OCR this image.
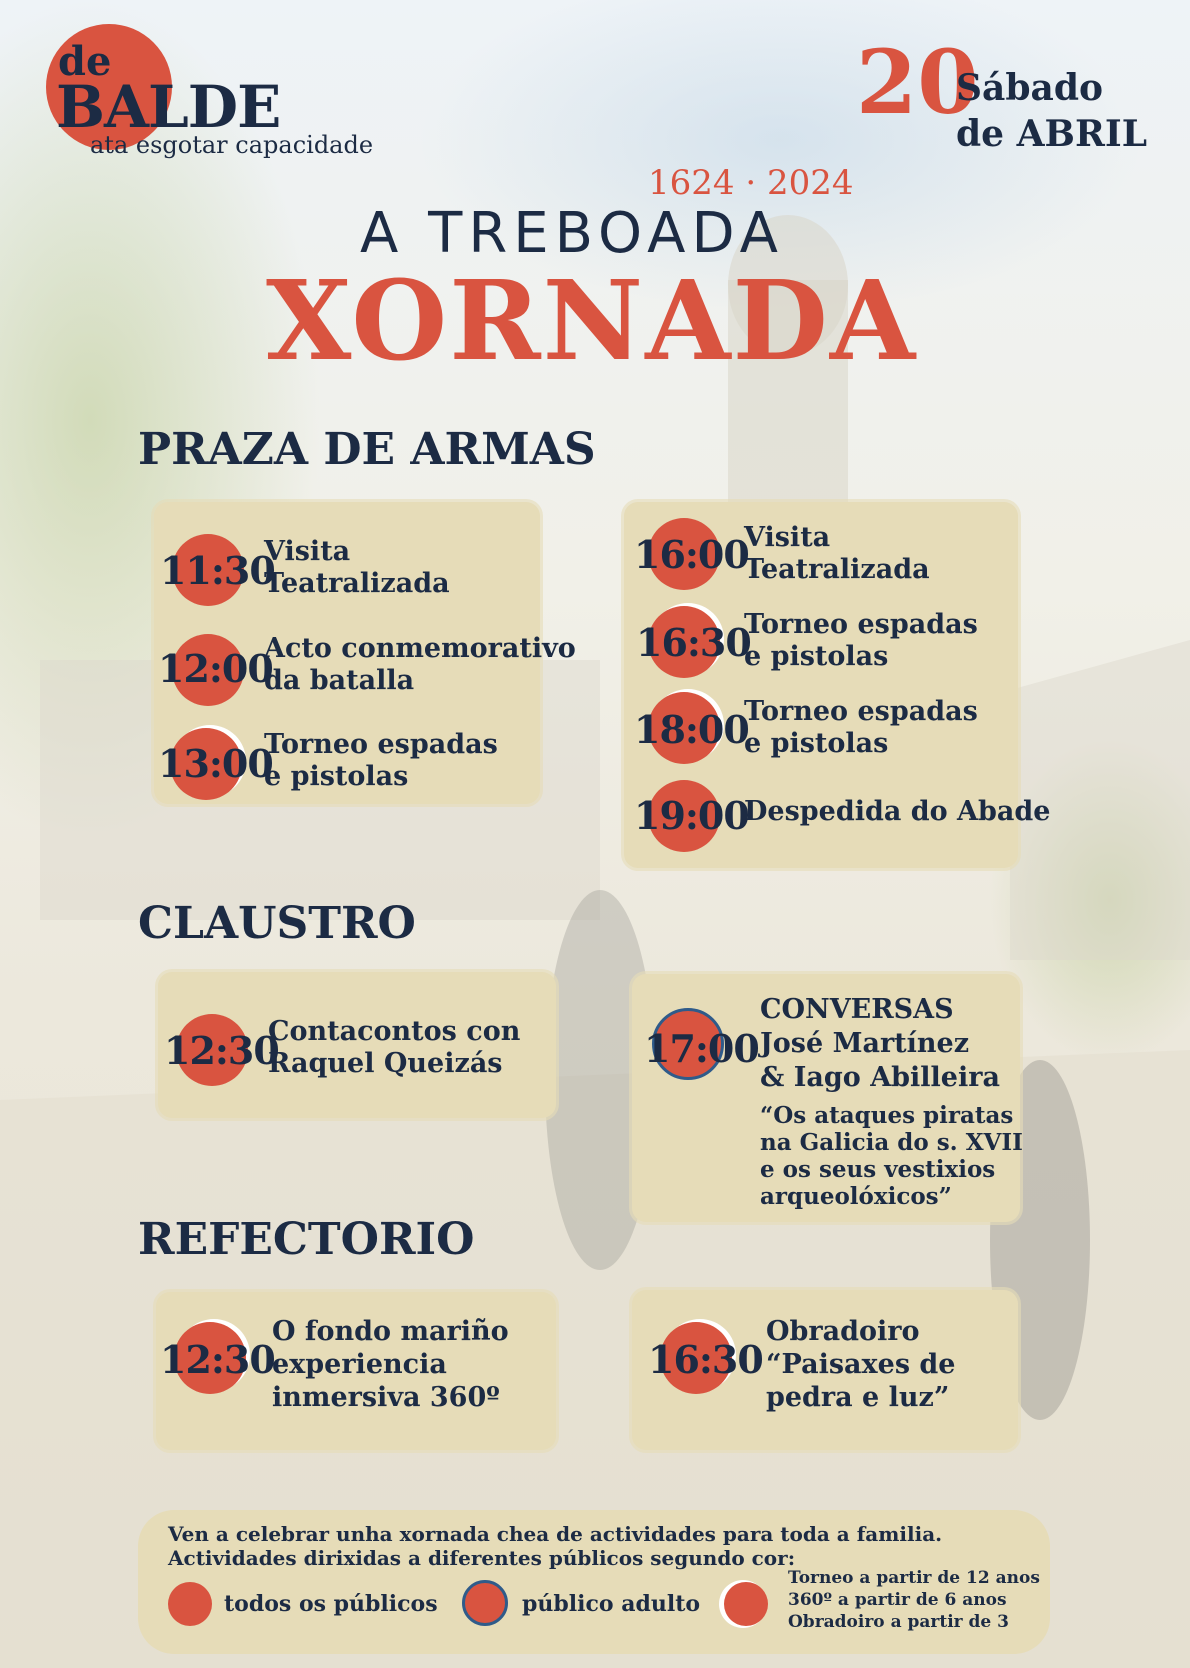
de
BALDE
ata esgotar capacidade
20
Sábado
de ABRIL
1624 · 2024
A TREBOADA
XORNADA
PRAZA DE ARMAS
11:30
Visita
Teatralizada
12:00
Acto conmemorativo
da batalla
13:00
Torneo espadas
e pistolas
16:00
Visita
Teatralizada
16:30
Torneo espadas
e pistolas
18:00
Torneo espadas
e pistolas
19:00
Despedida do Abade
CLAUSTRO
12:30
Contacontos con
Raquel Queizás	17:00
CONVERSAS
José Martínez
& Iago Abilleira
“Os ataques piratas
na Galicia do s. XVII
e os seus vestixios
arqueolóxicos”
REFECTORIO
12:30
O fondo mariño
experiencia
inmersiva 360º
16:30
Obradoiro
“Paisaxes de
pedra e luz”
Ven a celebrar unha xornada chea de actividades para toda a familia.
Actividades dirixidas a diferentes públicos segundo cor:
todos os públicos	público adulto
Torneo a partir de 12 anos
360º a partir de 6 anos
Obradoiro a partir de 3
